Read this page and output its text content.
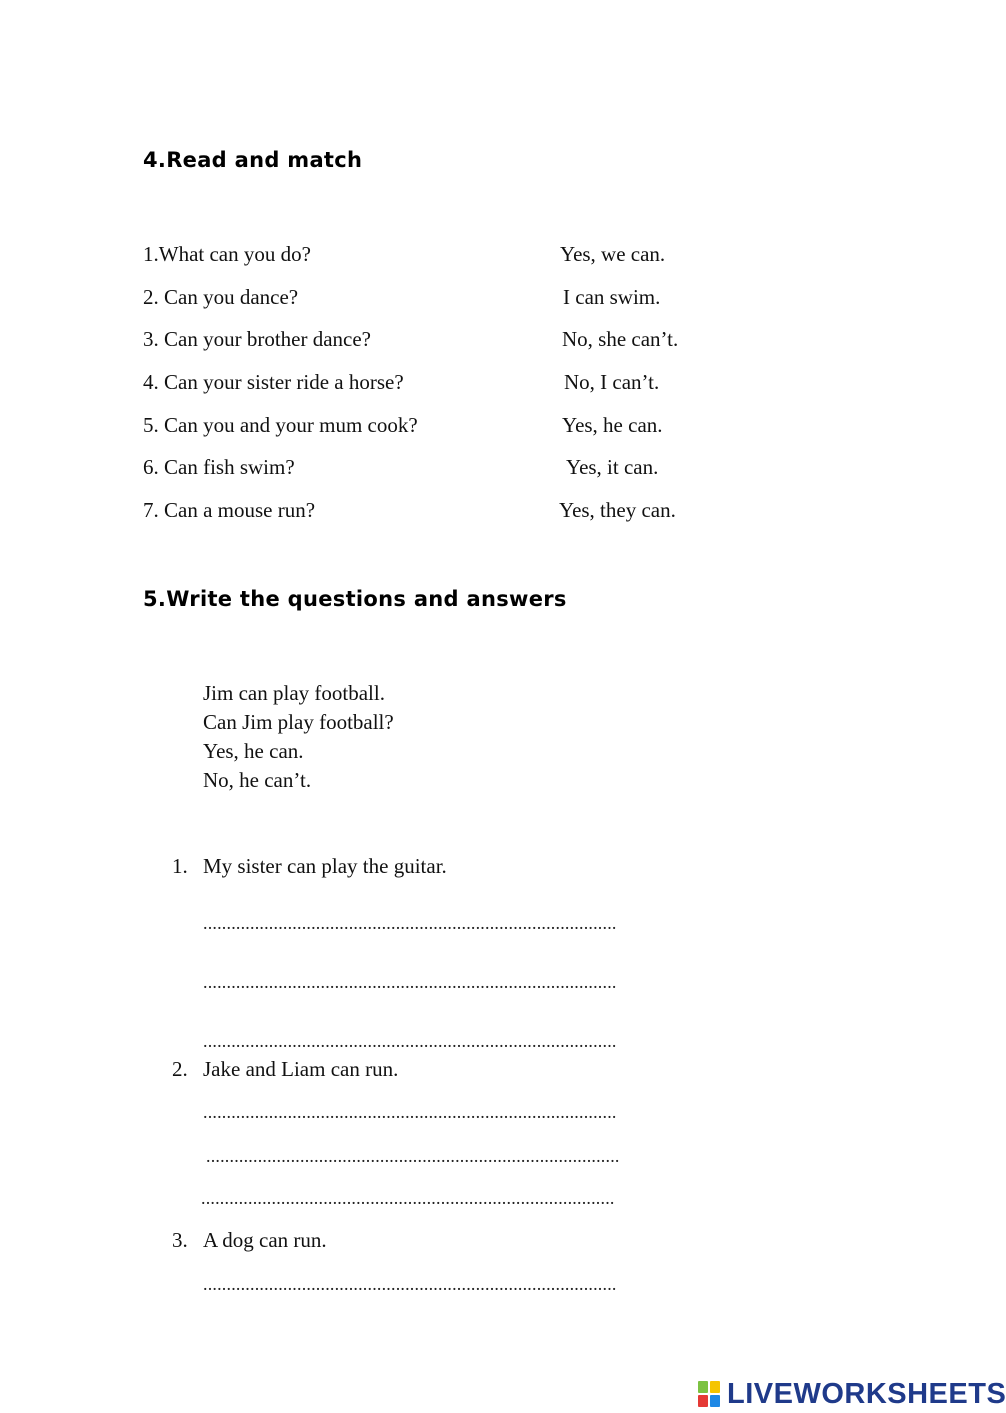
4.Read and match
1.What can you do?
2. Can you dance?
3. Can your brother dance?
4. Can your sister ride a horse?
5. Can you and your mum cook?
6. Can fish swim?
7. Can a mouse run?
Yes, we can.
I can swim.
No, she can’t.
No, I can’t.
Yes, he can.
Yes, it can.
Yes, they can.
5.Write the questions and answers
Jim can play football.
Can Jim play football?
Yes, he can.
No, he can’t.
1. My sister can play the guitar.
........................................................................................
........................................................................................
........................................................................................
2. Jake and Liam can run.
........................................................................................
........................................................................................
........................................................................................
3. A dog can run.
........................................................................................
LIVEWORKSHEETS
